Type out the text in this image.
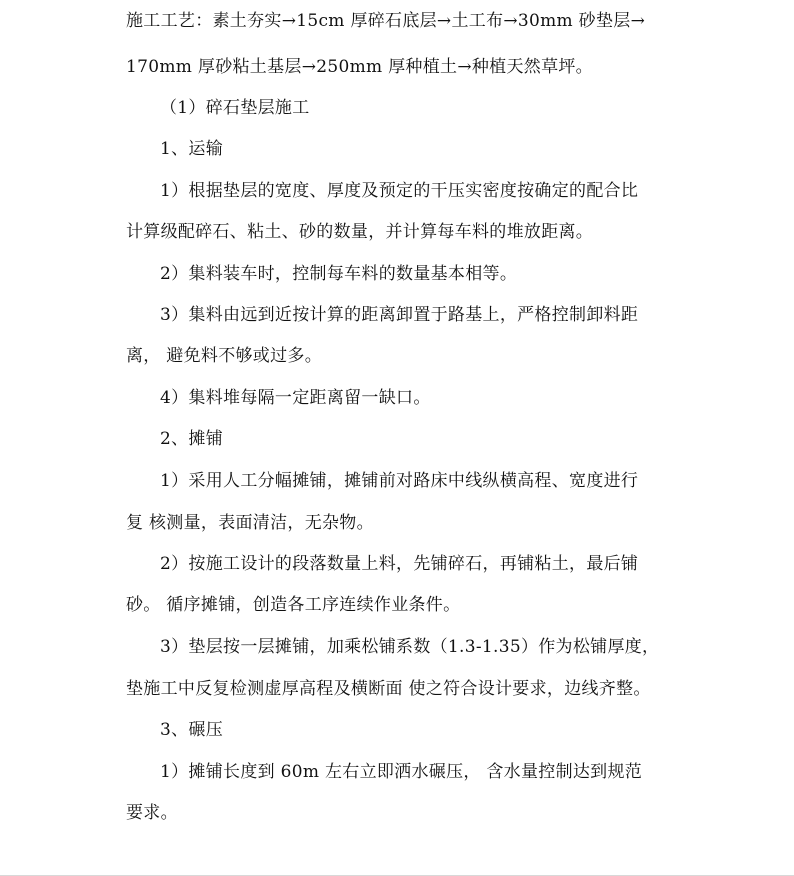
施工工艺：素土夯实→15cm 厚碎石底层→土工布→30mm 砂垫层→
170mm 厚砂粘土基层→250mm 厚种植土→种植天然草坪。
（1）碎石垫层施工
1、运输
1）根据垫层的宽度、厚度及预定的干压实密度按确定的配合比
计算级配碎石、粘土、砂的数量，并计算每车料的堆放距离。
2）集料装车时，控制每车料的数量基本相等。
3）集料由远到近按计算的距离卸置于路基上，严格控制卸料距
离， 避免料不够或过多。
4）集料堆每隔一定距离留一缺口。
2、摊铺
1）采用人工分幅摊铺，摊铺前对路床中线纵横高程、宽度进行
复 核测量，表面清洁，无杂物。
2）按施工设计的段落数量上料，先铺碎石，再铺粘土，最后铺
砂。 循序摊铺，创造各工序连续作业条件。
3）垫层按一层摊铺，加乘松铺系数（1.3-1.35）作为松铺厚度，
垫施工中反复检测虚厚高程及横断面 使之符合设计要求，边线齐整。
3、碾压
1）摊铺长度到 60m 左右立即洒水碾压， 含水量控制达到规范
要求。
